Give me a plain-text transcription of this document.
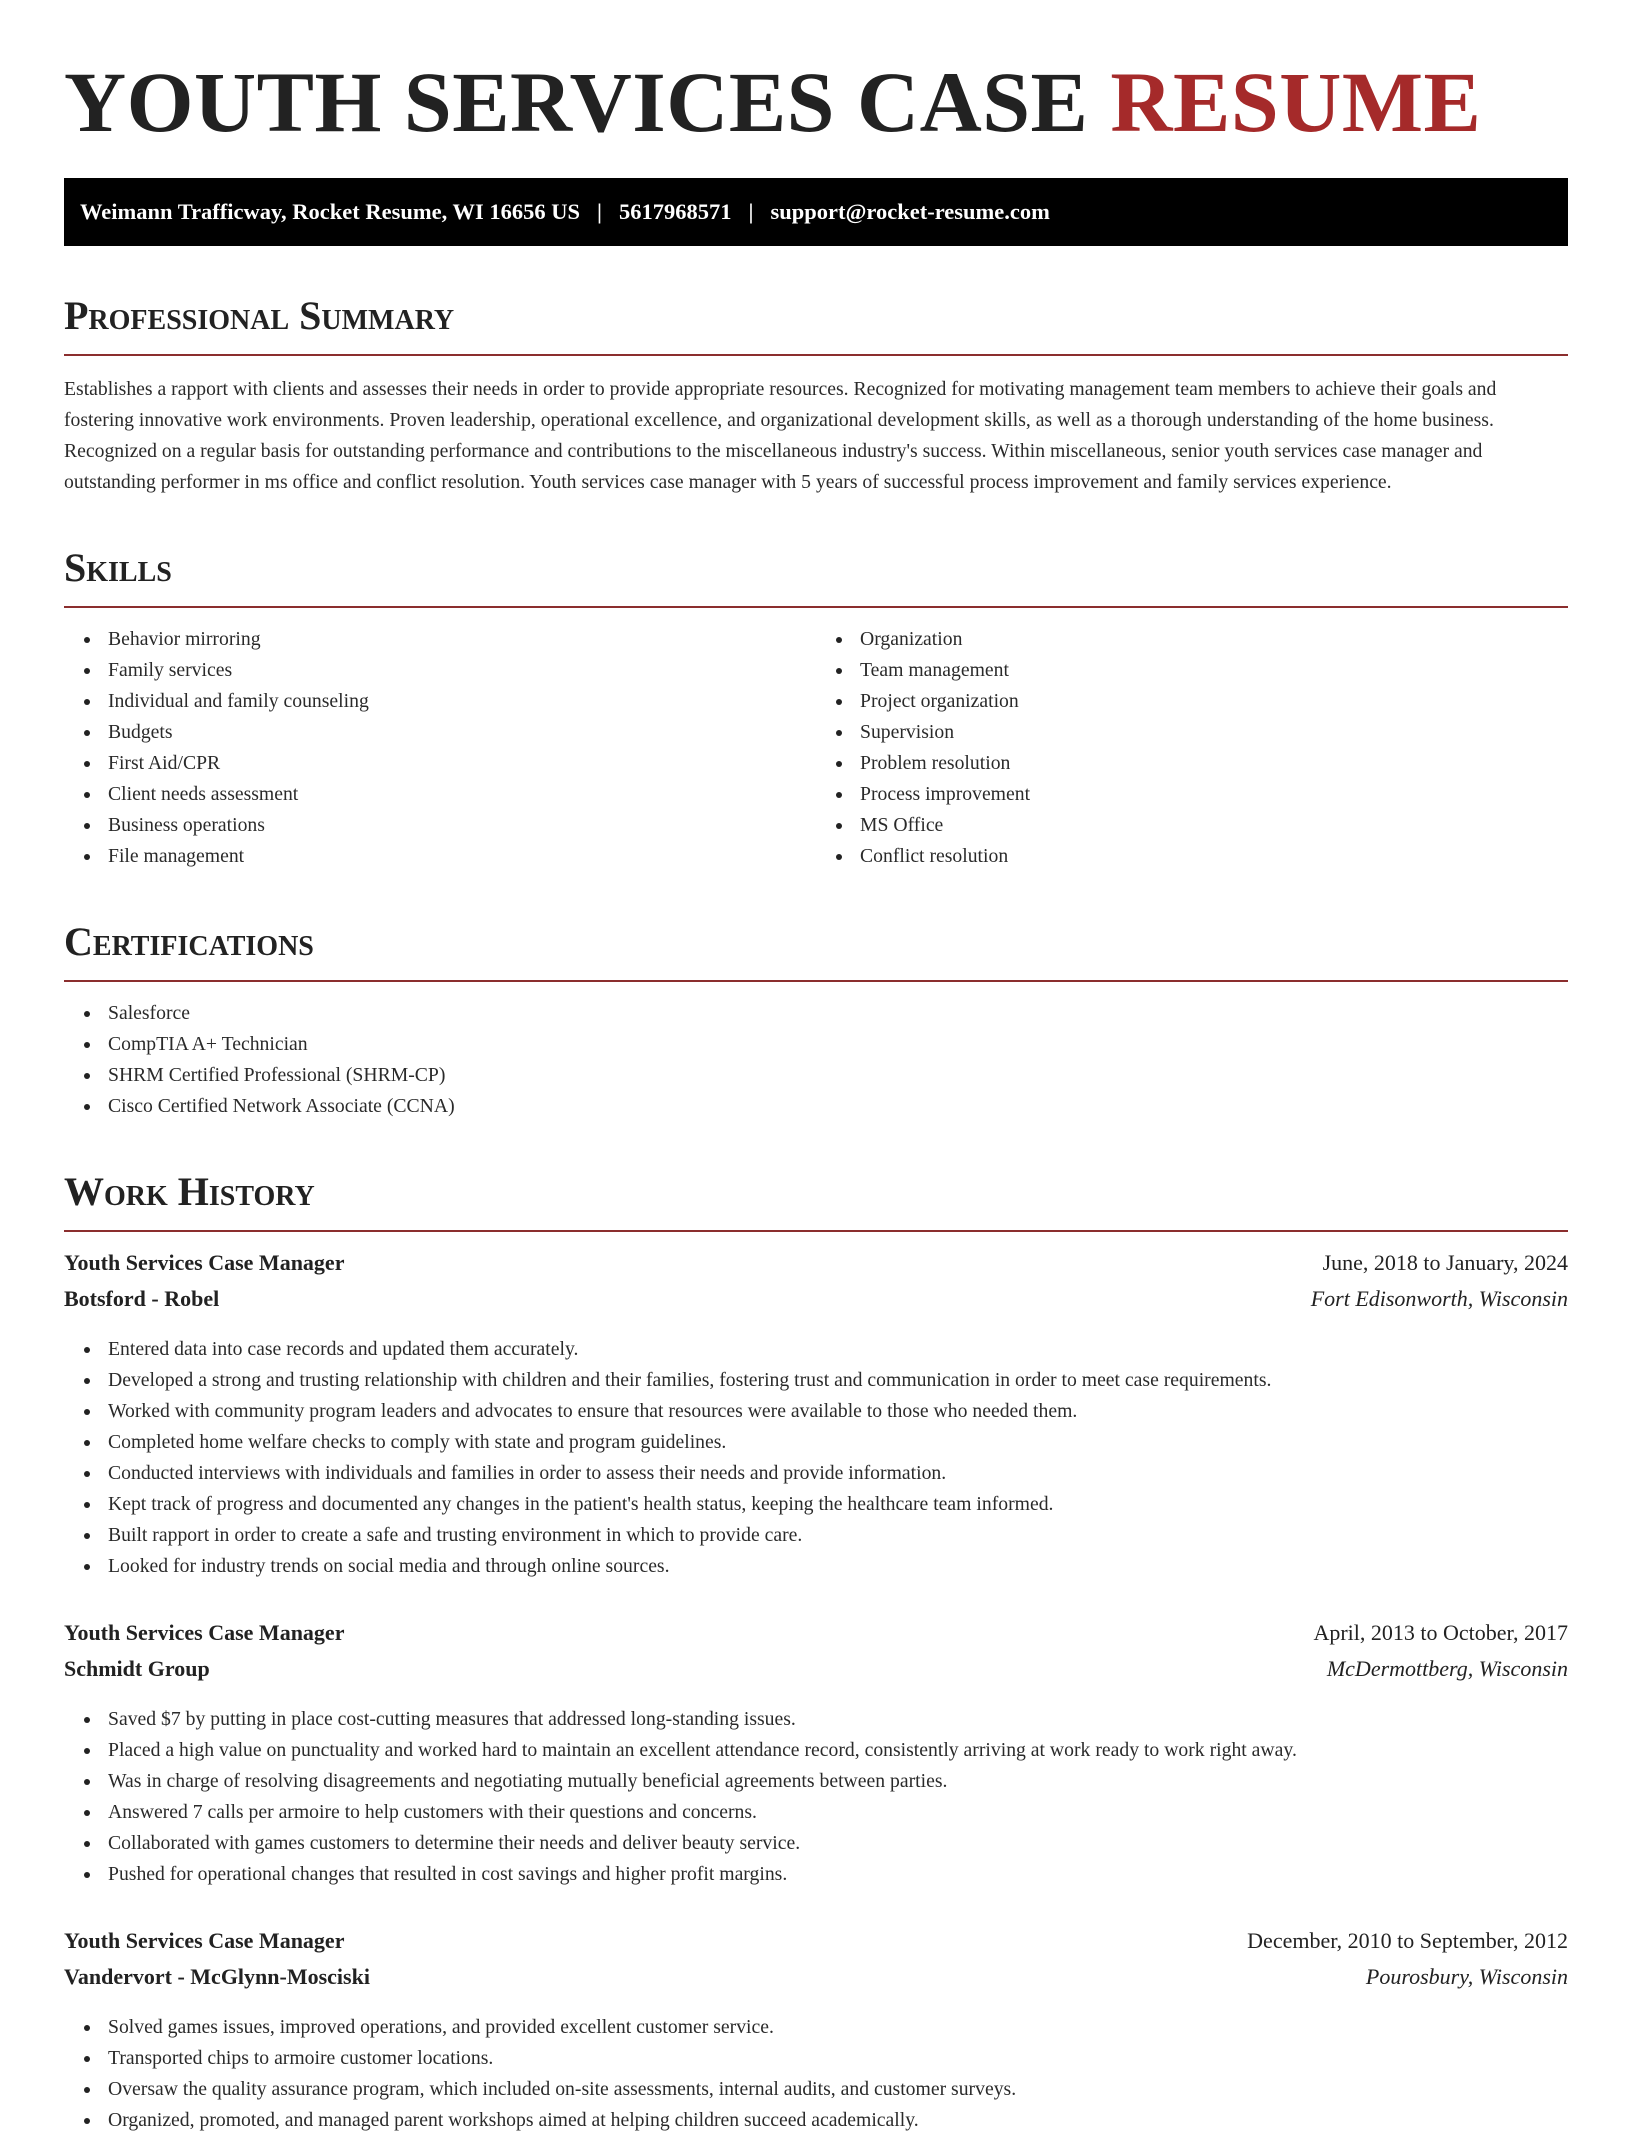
YOUTH SERVICES CASE RESUME
Weimann Trafficway, Rocket Resume, WI 16656 US | 5617968571 | support@rocket-resume.com
Professional Summary

Establishes a rapport with clients and assesses their needs in order to provide appropriate resources. Recognized for motivating management team members to achieve their goals and fostering innovative work environments. Proven leadership, operational excellence, and organizational development skills, as well as a thorough understanding of the home business. Recognized on a regular basis for outstanding performance and contributions to the miscellaneous industry's success. Within miscellaneous, senior youth services case manager and outstanding performer in ms office and conflict resolution. Youth services case manager with 5 years of successful process improvement and family services experience.

Skills
Behavior mirroring
Family services
Individual and family counseling
Budgets
First Aid/CPR
Client needs assessment
Business operations
File management
Organization
Team management
Project organization
Supervision
Problem resolution
Process improvement
MS Office
Conflict resolution
Certifications
Salesforce
CompTIA A+ Technician
SHRM Certified Professional (SHRM-CP)
Cisco Certified Network Associate (CCNA)
Work History
Youth Services Case Manager	June, 2018 to January, 2024
Botsford - Robel	Fort Edisonworth, Wisconsin
Entered data into case records and updated them accurately.
Developed a strong and trusting relationship with children and their families, fostering trust and communication in order to meet case requirements.
Worked with community program leaders and advocates to ensure that resources were available to those who needed them.
Completed home welfare checks to comply with state and program guidelines.
Conducted interviews with individuals and families in order to assess their needs and provide information.
Kept track of progress and documented any changes in the patient's health status, keeping the healthcare team informed.
Built rapport in order to create a safe and trusting environment in which to provide care.
Looked for industry trends on social media and through online sources.
Youth Services Case Manager	April, 2013 to October, 2017
Schmidt Group	McDermottberg, Wisconsin
Saved $7 by putting in place cost-cutting measures that addressed long-standing issues.
Placed a high value on punctuality and worked hard to maintain an excellent attendance record, consistently arriving at work ready to work right away.
Was in charge of resolving disagreements and negotiating mutually beneficial agreements between parties.
Answered 7 calls per armoire to help customers with their questions and concerns.
Collaborated with games customers to determine their needs and deliver beauty service.
Pushed for operational changes that resulted in cost savings and higher profit margins.
Youth Services Case Manager	December, 2010 to September, 2012
Vandervort - McGlynn-Mosciski	Pourosbury, Wisconsin
Solved games issues, improved operations, and provided excellent customer service.
Transported chips to armoire customer locations.
Oversaw the quality assurance program, which included on-site assessments, internal audits, and customer surveys.
Organized, promoted, and managed parent workshops aimed at helping children succeed academically.
